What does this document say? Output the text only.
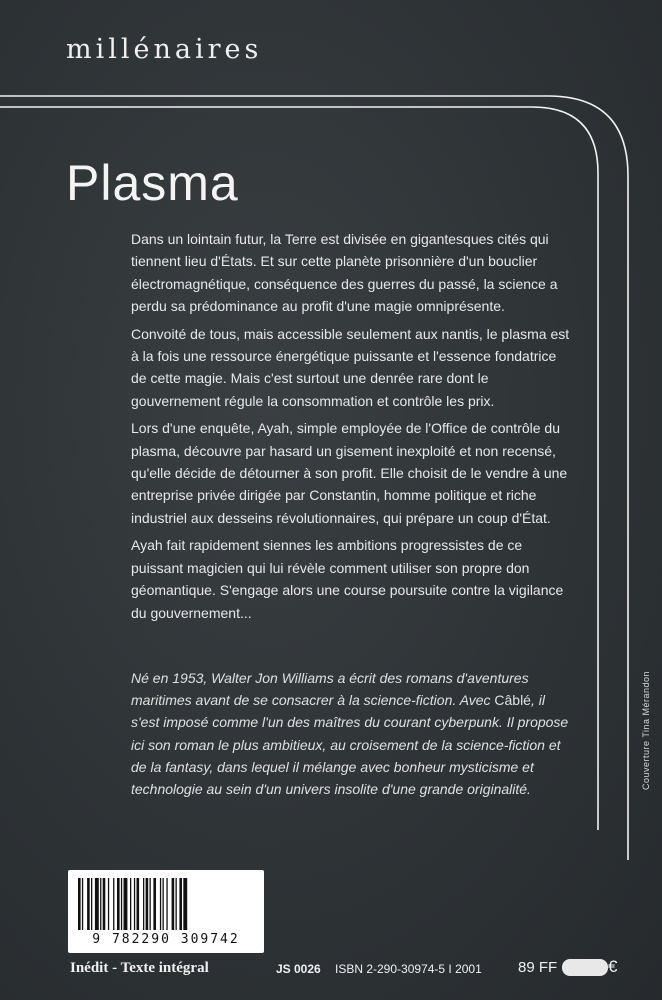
millénaires
Plasma

Dans un lointain futur, la Terre est divisée en gigantesques cités qui tiennent lieu d'États. Et sur cette planète prisonnière d'un bouclier électromagnétique, conséquence des guerres du passé, la science a perdu sa prédominance au profit d'une magie omniprésente.

Convoité de tous, mais accessible seulement aux nantis, le plasma est à la fois une ressource énergétique puissante et l'essence fondatrice de cette magie. Mais c'est surtout une denrée rare dont le gouvernement régule la consommation et contrôle les prix.

Lors d'une enquête, Ayah, simple employée de l'Office de contrôle du plasma, découvre par hasard un gisement inexploité et non recensé, qu'elle décide de détourner à son profit. Elle choisit de le vendre à une entreprise privée dirigée par Constantin, homme politique et riche industriel aux desseins révolutionnaires, qui prépare un coup d'État.

Ayah fait rapidement siennes les ambitions progressistes de ce puissant magicien qui lui révèle comment utiliser son propre don géomantique. S'engage alors une course poursuite contre la vigilance du gouvernement...

Né en 1953, Walter Jon Williams a écrit des romans d'aventures maritimes avant de se consacrer à la science-fiction. Avec Câblé, il s'est imposé comme l'un des maîtres du courant cyberpunk. Il propose ici son roman le plus ambitieux, au croisement de la science-fiction et de la fantasy, dans lequel il mélange avec bonheur mysticisme et technologie au sein d'un univers insolite d'une grande originalité.	Couverture Tina Mérandon
9 782290 309742
Inédit - Texte intégral	JS 0026 ISBN 2-290-30974-5 I 2001 89 FF	€
